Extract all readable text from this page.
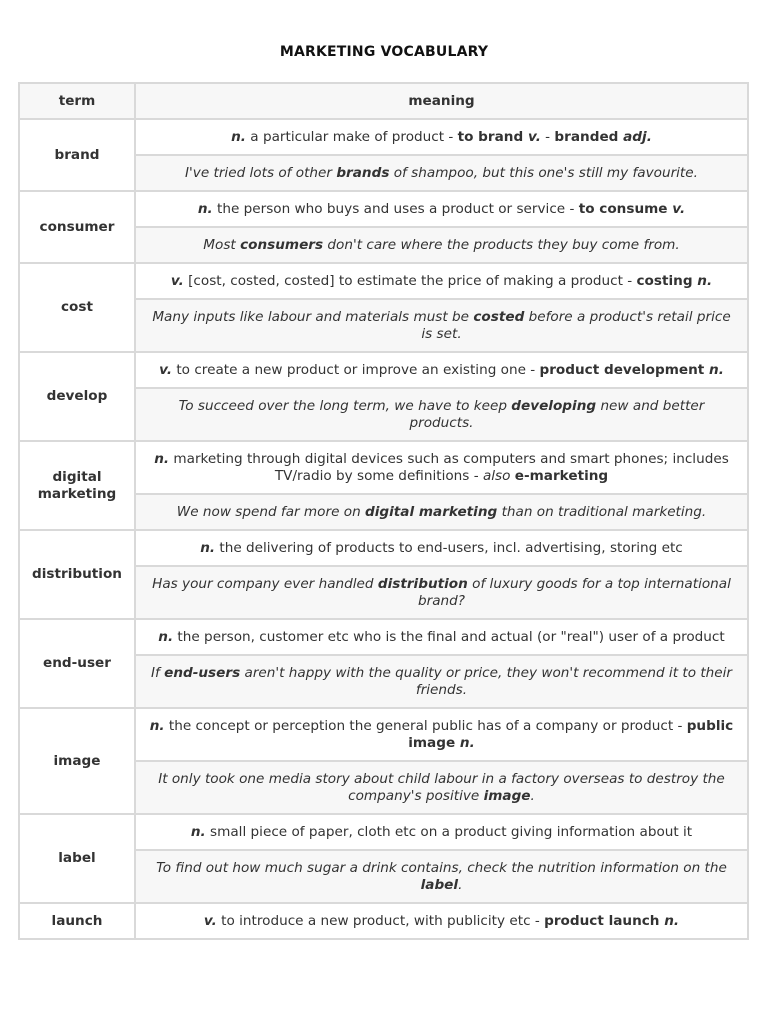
MARKETING VOCABULARY
term	meaning
brand	n. a particular make of product - to brand v. - branded adj.
	I've tried lots of other brands of shampoo, but this one's still my favourite.
consumer	n. the person who buys and uses a product or service - to consume v.
	Most consumers don't care where the products they buy come from.
cost	v. [cost, costed, costed] to estimate the price of making a product - costing n.
	Many inputs like labour and materials must be costed before a product's retail price is set.
develop	v. to create a new product or improve an existing one - product development n.
	To succeed over the long term, we have to keep developing new and better products.
digital marketing	n. marketing through digital devices such as computers and smart phones; includes TV/radio by some definitions - also e-marketing
	We now spend far more on digital marketing than on traditional marketing.
distribution	n. the delivering of products to end-users, incl. advertising, storing etc
	Has your company ever handled distribution of luxury goods for a top international brand?
end-user	n. the person, customer etc who is the final and actual (or "real") user of a product
	If end-users aren't happy with the quality or price, they won't recommend it to their friends.
image	n. the concept or perception the general public has of a company or product - public image n.
	It only took one media story about child labour in a factory overseas to destroy the company's positive image.
label	n. small piece of paper, cloth etc on a product giving information about it
	To find out how much sugar a drink contains, check the nutrition information on the label.
launch	v. to introduce a new product, with publicity etc - product launch n.
